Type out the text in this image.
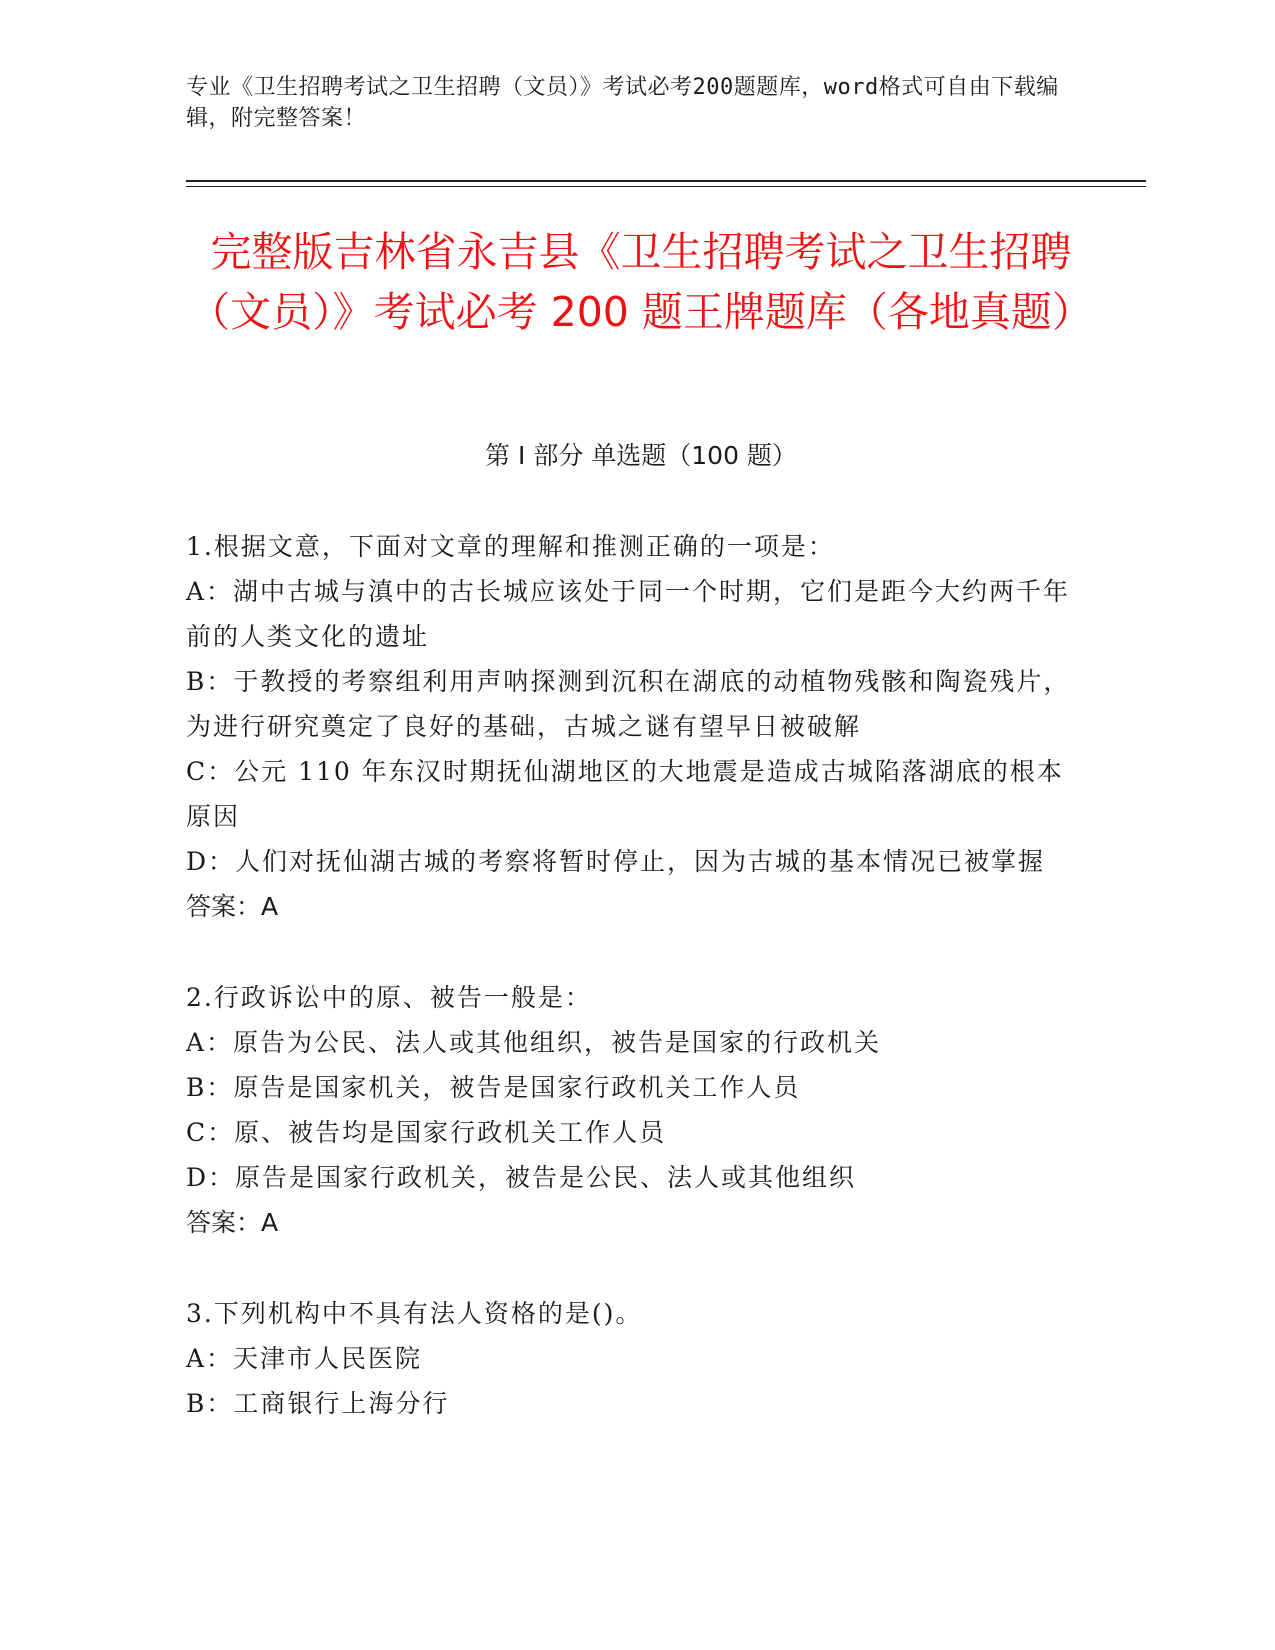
专业《卫生招聘考试之卫生招聘（文员）》考试必考200题题库，word格式可自由下载编辑，附完整答案！
完整版吉林省永吉县《卫生招聘考试之卫生招聘（文员）》考试必考 200 题王牌题库（各地真题）
第 I 部分 单选题（100 题）
1.根据文意，下面对文章的理解和推测正确的一项是：
A：湖中古城与滇中的古长城应该处于同一个时期，它们是距今大约两千年前的人类文化的遗址
B：于教授的考察组利用声呐探测到沉积在湖底的动植物残骸和陶瓷残片，为进行研究奠定了良好的基础，古城之谜有望早日被破解
C：公元 110 年东汉时期抚仙湖地区的大地震是造成古城陷落湖底的根本原因
D：人们对抚仙湖古城的考察将暂时停止，因为古城的基本情况已被掌握
答案：A
2.行政诉讼中的原、被告一般是：
A：原告为公民、法人或其他组织，被告是国家的行政机关
B：原告是国家机关，被告是国家行政机关工作人员
C：原、被告均是国家行政机关工作人员
D：原告是国家行政机关，被告是公民、法人或其他组织
答案：A
3.下列机构中不具有法人资格的是()。
A：天津市人民医院
B：工商银行上海分行
